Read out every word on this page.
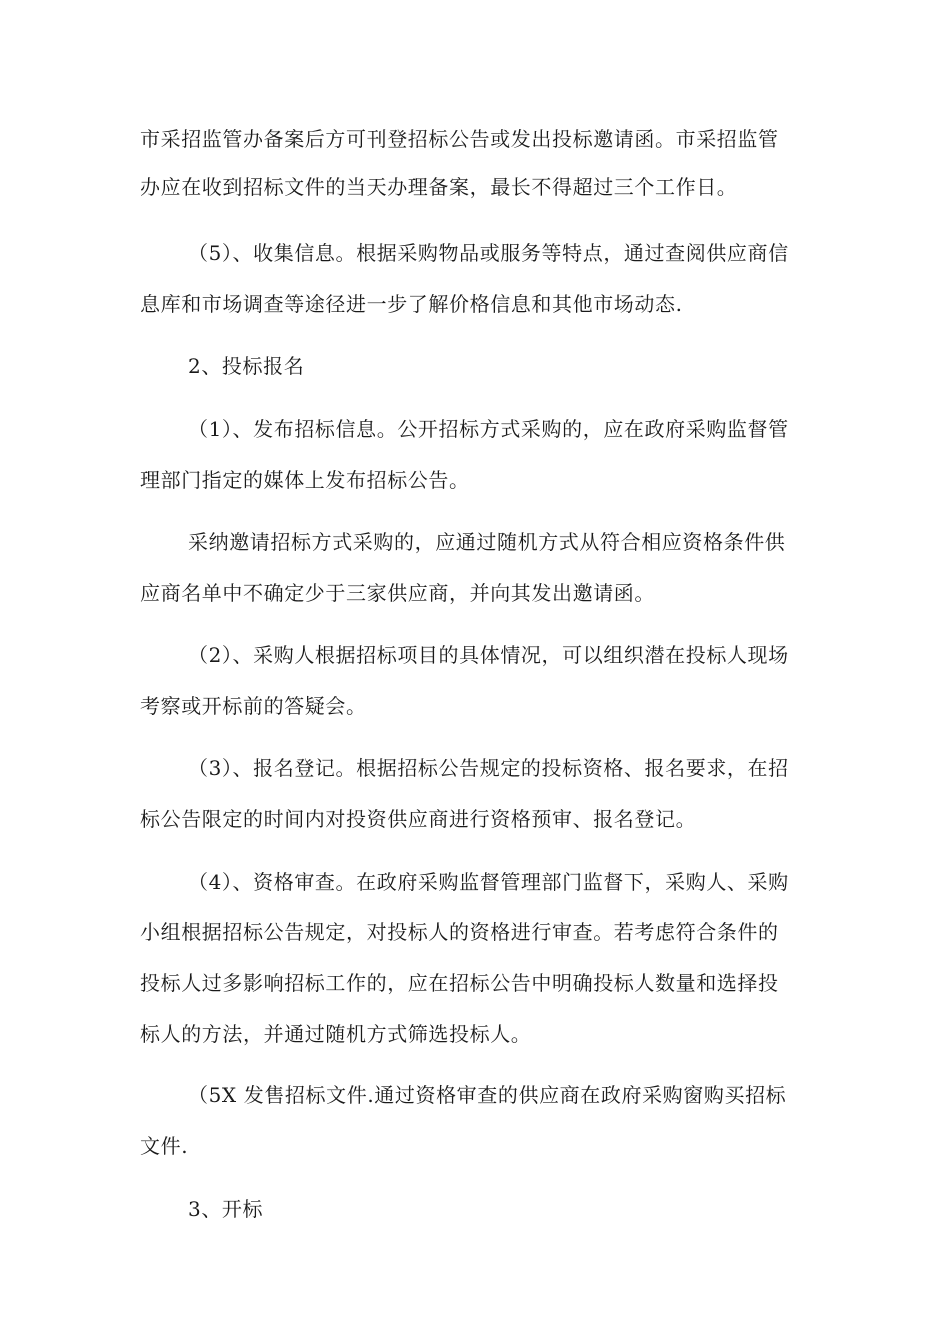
市采招监管办备案后方可刊登招标公告或发出投标邀请函。市采招监管
办应在收到招标文件的当天办理备案，最长不得超过三个工作日。
（5）、收集信息。根据采购物品或服务等特点，通过查阅供应商信
息库和市场调查等途径进一步了解价格信息和其他市场动态.
2、投标报名
（1）、发布招标信息。公开招标方式采购的，应在政府采购监督管
理部门指定的媒体上发布招标公告。
采纳邀请招标方式采购的，应通过随机方式从符合相应资格条件供
应商名单中不确定少于三家供应商，并向其发出邀请函。
（2）、采购人根据招标项目的具体情况，可以组织潜在投标人现场
考察或开标前的答疑会。
（3）、报名登记。根据招标公告规定的投标资格、报名要求，在招
标公告限定的时间内对投资供应商进行资格预审、报名登记。
（4）、资格审查。在政府采购监督管理部门监督下，采购人、采购
小组根据招标公告规定，对投标人的资格进行审查。若考虑符合条件的
投标人过多影响招标工作的，应在招标公告中明确投标人数量和选择投
标人的方法，并通过随机方式筛选投标人。
（5X 发售招标文件.通过资格审查的供应商在政府采购窗购买招标
文件.
3、开标
